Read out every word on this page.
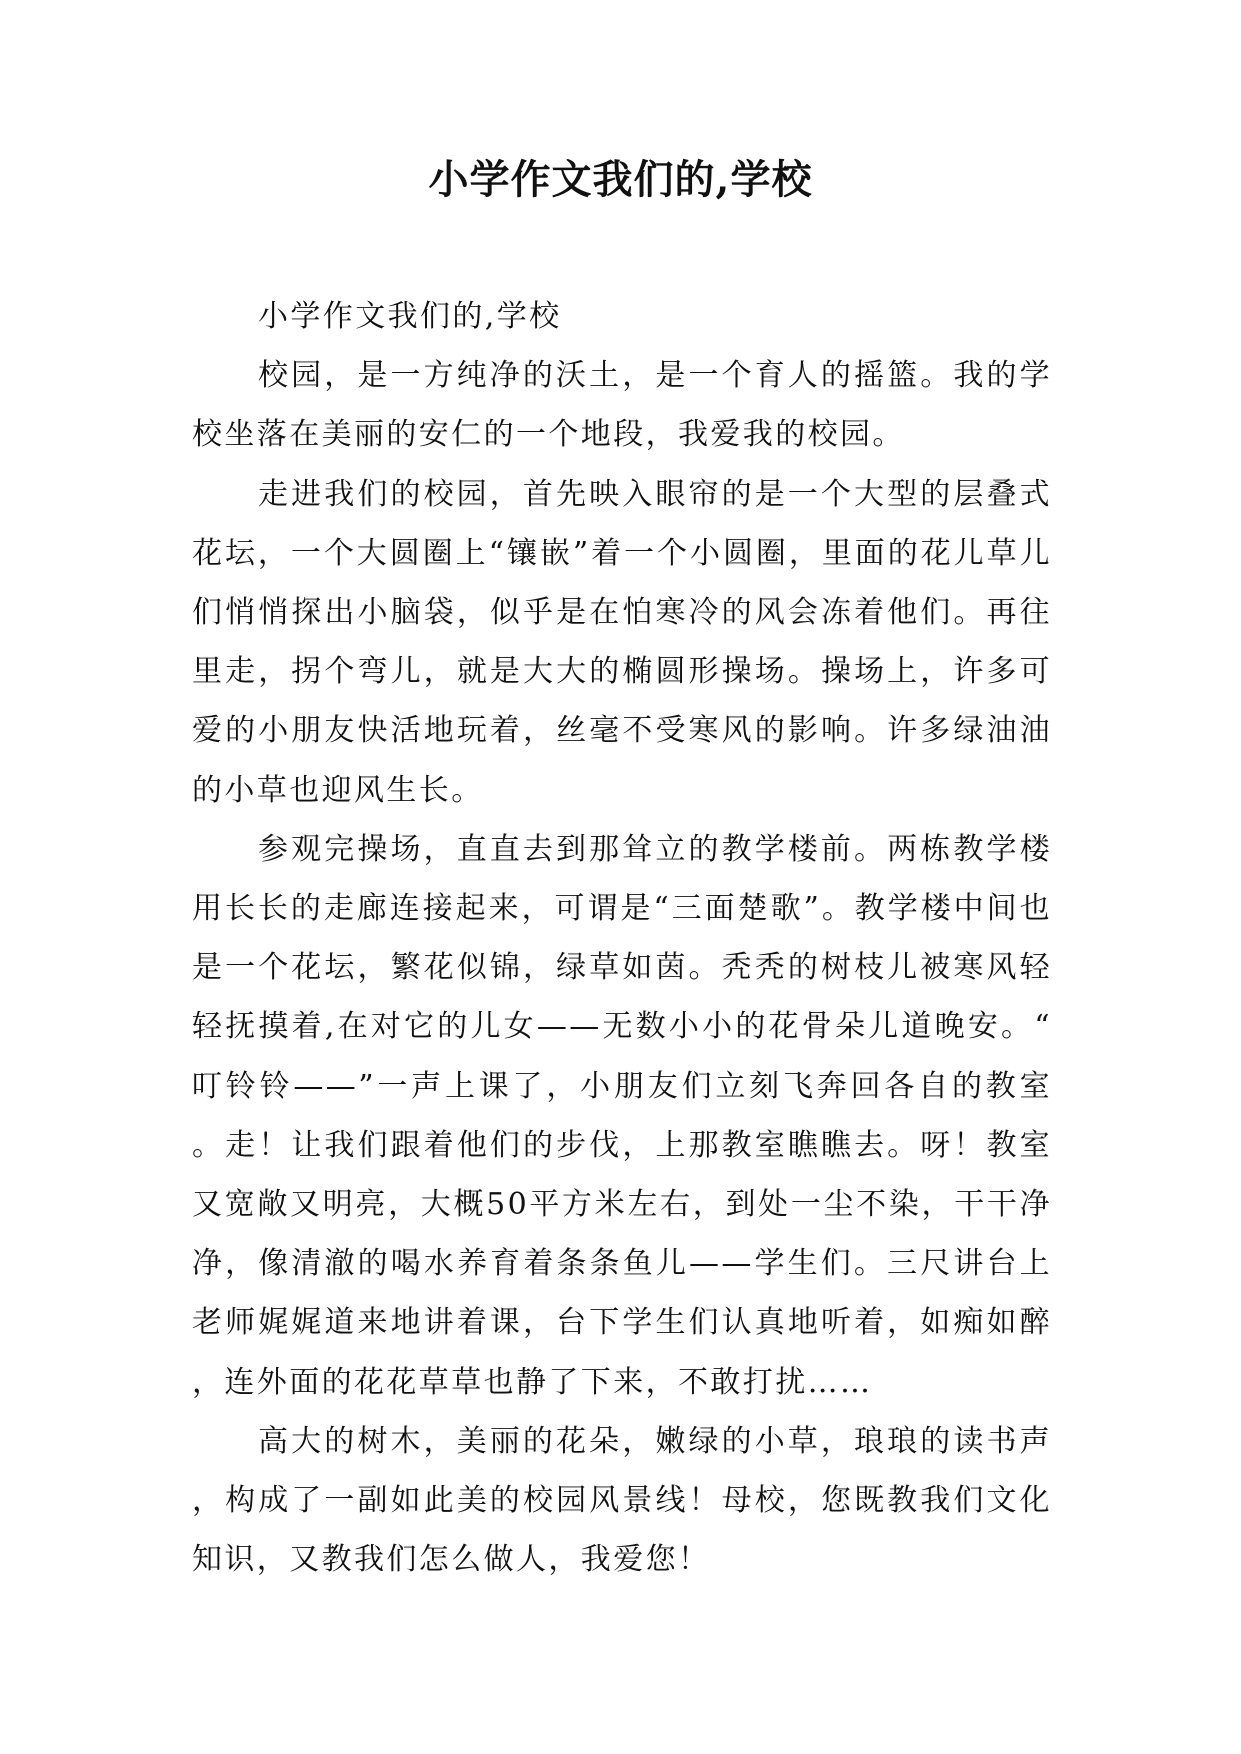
小学作文我们的,学校

小学作文我们的,学校

校园，是一方纯净的沃土，是一个育人的摇篮。我的学校坐落在美丽的安仁的一个地段，我爱我的校园。

走进我们的校园，首先映入眼帘的是一个大型的层叠式花坛，一个大圆圈上“镶嵌”着一个小圆圈，里面的花儿草儿们悄悄探出小脑袋，似乎是在怕寒冷的风会冻着他们。再往里走，拐个弯儿，就是大大的椭圆形操场。操场上，许多可爱的小朋友快活地玩着，丝毫不受寒风的影响。许多绿油油的小草也迎风生长。

参观完操场，直直去到那耸立的教学楼前。两栋教学楼用长长的走廊连接起来，可谓是“三面楚歌”。教学楼中间也是一个花坛，繁花似锦，绿草如茵。秃秃的树枝儿被寒风轻轻抚摸着,在对它的儿女——无数小小的花骨朵儿道晚安。“叮铃铃——”一声上课了，小朋友们立刻飞奔回各自的教室。走！让我们跟着他们的步伐，上那教室瞧瞧去。呀！教室又宽敞又明亮，大概50平方米左右，到处一尘不染，干干净净，像清澈的喝水养育着条条鱼儿——学生们。三尺讲台上老师娓娓道来地讲着课，台下学生们认真地听着，如痴如醉，连外面的花花草草也静了下来，不敢打扰……

高大的树木，美丽的花朵，嫩绿的小草，琅琅的读书声，构成了一副如此美的校园风景线！母校，您既教我们文化知识，又教我们怎么做人，我爱您！
